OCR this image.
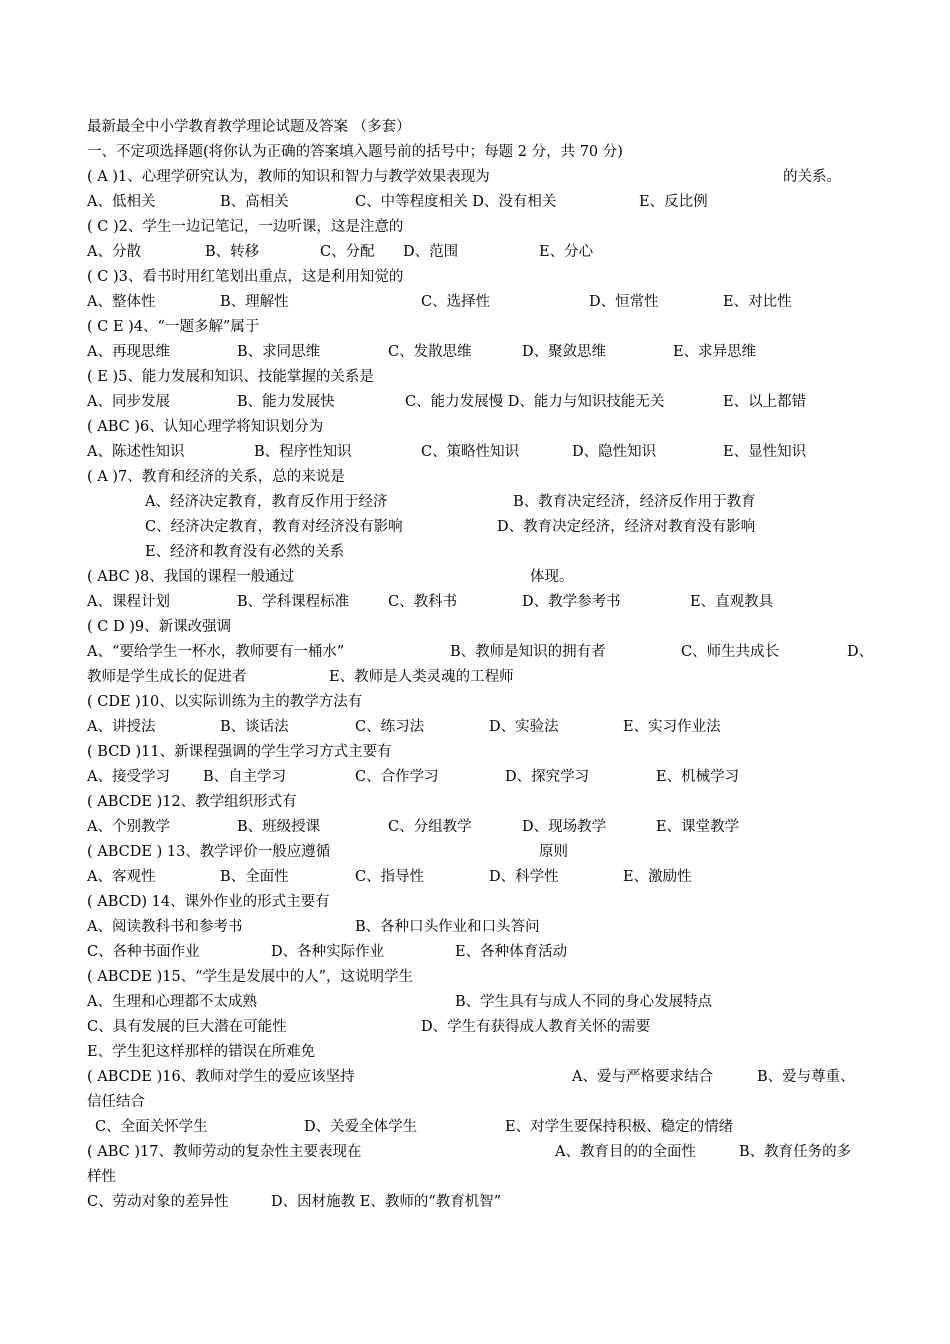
最新最全中小学教育教学理论试题及答案 （多套）
一、不定项选择题(将你认为正确的答案填入题号前的括号中；每题 2 分，共 70 分)
( A )1、心理学研究认为，教师的知识和智力与教学效果表现为	的关系。
A、低相关	B、高相关	C、中等程度相关 D、没有相关	E、反比例
( C )2、学生一边记笔记，一边听课，这是注意的
A、分散	B、转移	C、分配 D、范围	E、分心
( C )3、看书时用红笔划出重点，这是利用知觉的
A、整体性	B、理解性	C、选择性	D、恒常性	E、对比性
( C E )4、“一题多解”属于
A、再现思维	B、求同思维	C、发散思维	D、聚敛思维	E、求异思维
( E )5、能力发展和知识、技能掌握的关系是
A、同步发展	B、能力发展快	C、能力发展慢 D、能力与知识技能无关	E、以上都错
( ABC )6、认知心理学将知识划分为
A、陈述性知识	B、程序性知识	C、策略性知识	D、隐性知识	E、显性知识
( A )7、教育和经济的关系，总的来说是
A、经济决定教育，教育反作用于经济	B、教育决定经济，经济反作用于教育
C、经济决定教育，教育对经济没有影响	D、教育决定经济，经济对教育没有影响
E、经济和教育没有必然的关系
( ABC )8、我国的课程一般通过	体现。
A、课程计划	B、学科课程标准	C、教科书	D、教学参考书	E、直观教具
( C D )9、新课改强调
A、“要给学生一杯水，教师要有一桶水”	B、教师是知识的拥有者	C、师生共成长	D、
教师是学生成长的促进者	E、教师是人类灵魂的工程师
( CDE )10、以实际训练为主的教学方法有
A、讲授法	B、谈话法	C、练习法	D、实验法	E、实习作业法
( BCD )11、新课程强调的学生学习方式主要有
A、接受学习 B、自主学习	C、合作学习	D、探究学习	E、机械学习
( ABCDE )12、教学组织形式有
A、个别教学	B、班级授课	C、分组教学	D、现场教学	E、课堂教学
( ABCDE ) 13、教学评价一般应遵循	原则
A、客观性	B、全面性	C、指导性	D、科学性	E、激励性
( ABCD) 14、课外作业的形式主要有
A、阅读教科书和参考书	B、各种口头作业和口头答问
C、各种书面作业	D、各种实际作业	E、各种体育活动
( ABCDE )15、“学生是发展中的人”，这说明学生
A、生理和心理都不太成熟	B、学生具有与成人不同的身心发展特点
C、具有发展的巨大潜在可能性	D、学生有获得成人教育关怀的需要
E、学生犯这样那样的错误在所难免
( ABCDE )16、教师对学生的爱应该坚持	A、爱与严格要求结合	B、爱与尊重、
信任结合
C、全面关怀学生	D、关爱全体学生	E、对学生要保持积极、稳定的情绪
( ABC )17、教师劳动的复杂性主要表现在	A、教育目的的全面性	B、教育任务的多
样性
C、劳动对象的差异性	D、因材施教 E、教师的“教育机智”
